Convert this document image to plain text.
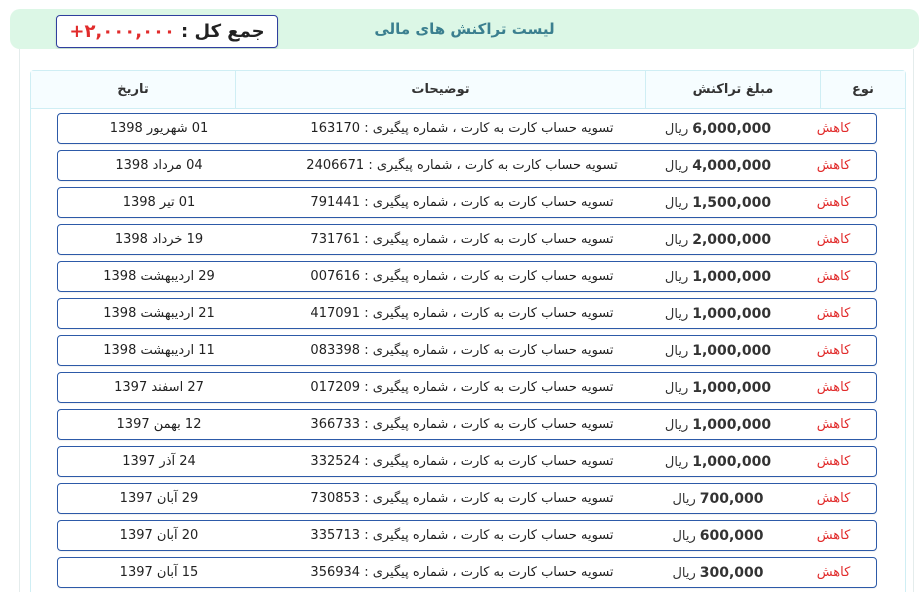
لیست تراکنش های مالی
جمع کل :
+۲,۰۰۰,۰۰۰
نوع
مبلغ تراکنش
توضیحات
تاریخ
کاهش
6,000,000ریال
تسویه حساب کارت به کارت ، شماره پیگیری : 163170
01 شهریور 1398
کاهش
4,000,000ریال
تسویه حساب کارت به کارت ، شماره پیگیری : 2406671
04 مرداد 1398
کاهش
1,500,000ریال
تسویه حساب کارت به کارت ، شماره پیگیری : 791441
01 تیر 1398
کاهش
2,000,000ریال
تسویه حساب کارت به کارت ، شماره پیگیری : 731761
19 خرداد 1398
کاهش
1,000,000ریال
تسویه حساب کارت به کارت ، شماره پیگیری : 007616
29 اردیبهشت 1398
کاهش
1,000,000ریال
تسویه حساب کارت به کارت ، شماره پیگیری : 417091
21 اردیبهشت 1398
کاهش
1,000,000ریال
تسویه حساب کارت به کارت ، شماره پیگیری : 083398
11 اردیبهشت 1398
کاهش
1,000,000ریال
تسویه حساب کارت به کارت ، شماره پیگیری : 017209
27 اسفند 1397
کاهش
1,000,000ریال
تسویه حساب کارت به کارت ، شماره پیگیری : 366733
12 بهمن 1397
کاهش
1,000,000ریال
تسویه حساب کارت به کارت ، شماره پیگیری : 332524
24 آذر 1397
کاهش
700,000ریال
تسویه حساب کارت به کارت ، شماره پیگیری : 730853
29 آبان 1397
کاهش
600,000ریال
تسویه حساب کارت به کارت ، شماره پیگیری : 335713
20 آبان 1397
کاهش
300,000ریال
تسویه حساب کارت به کارت ، شماره پیگیری : 356934
15 آبان 1397
